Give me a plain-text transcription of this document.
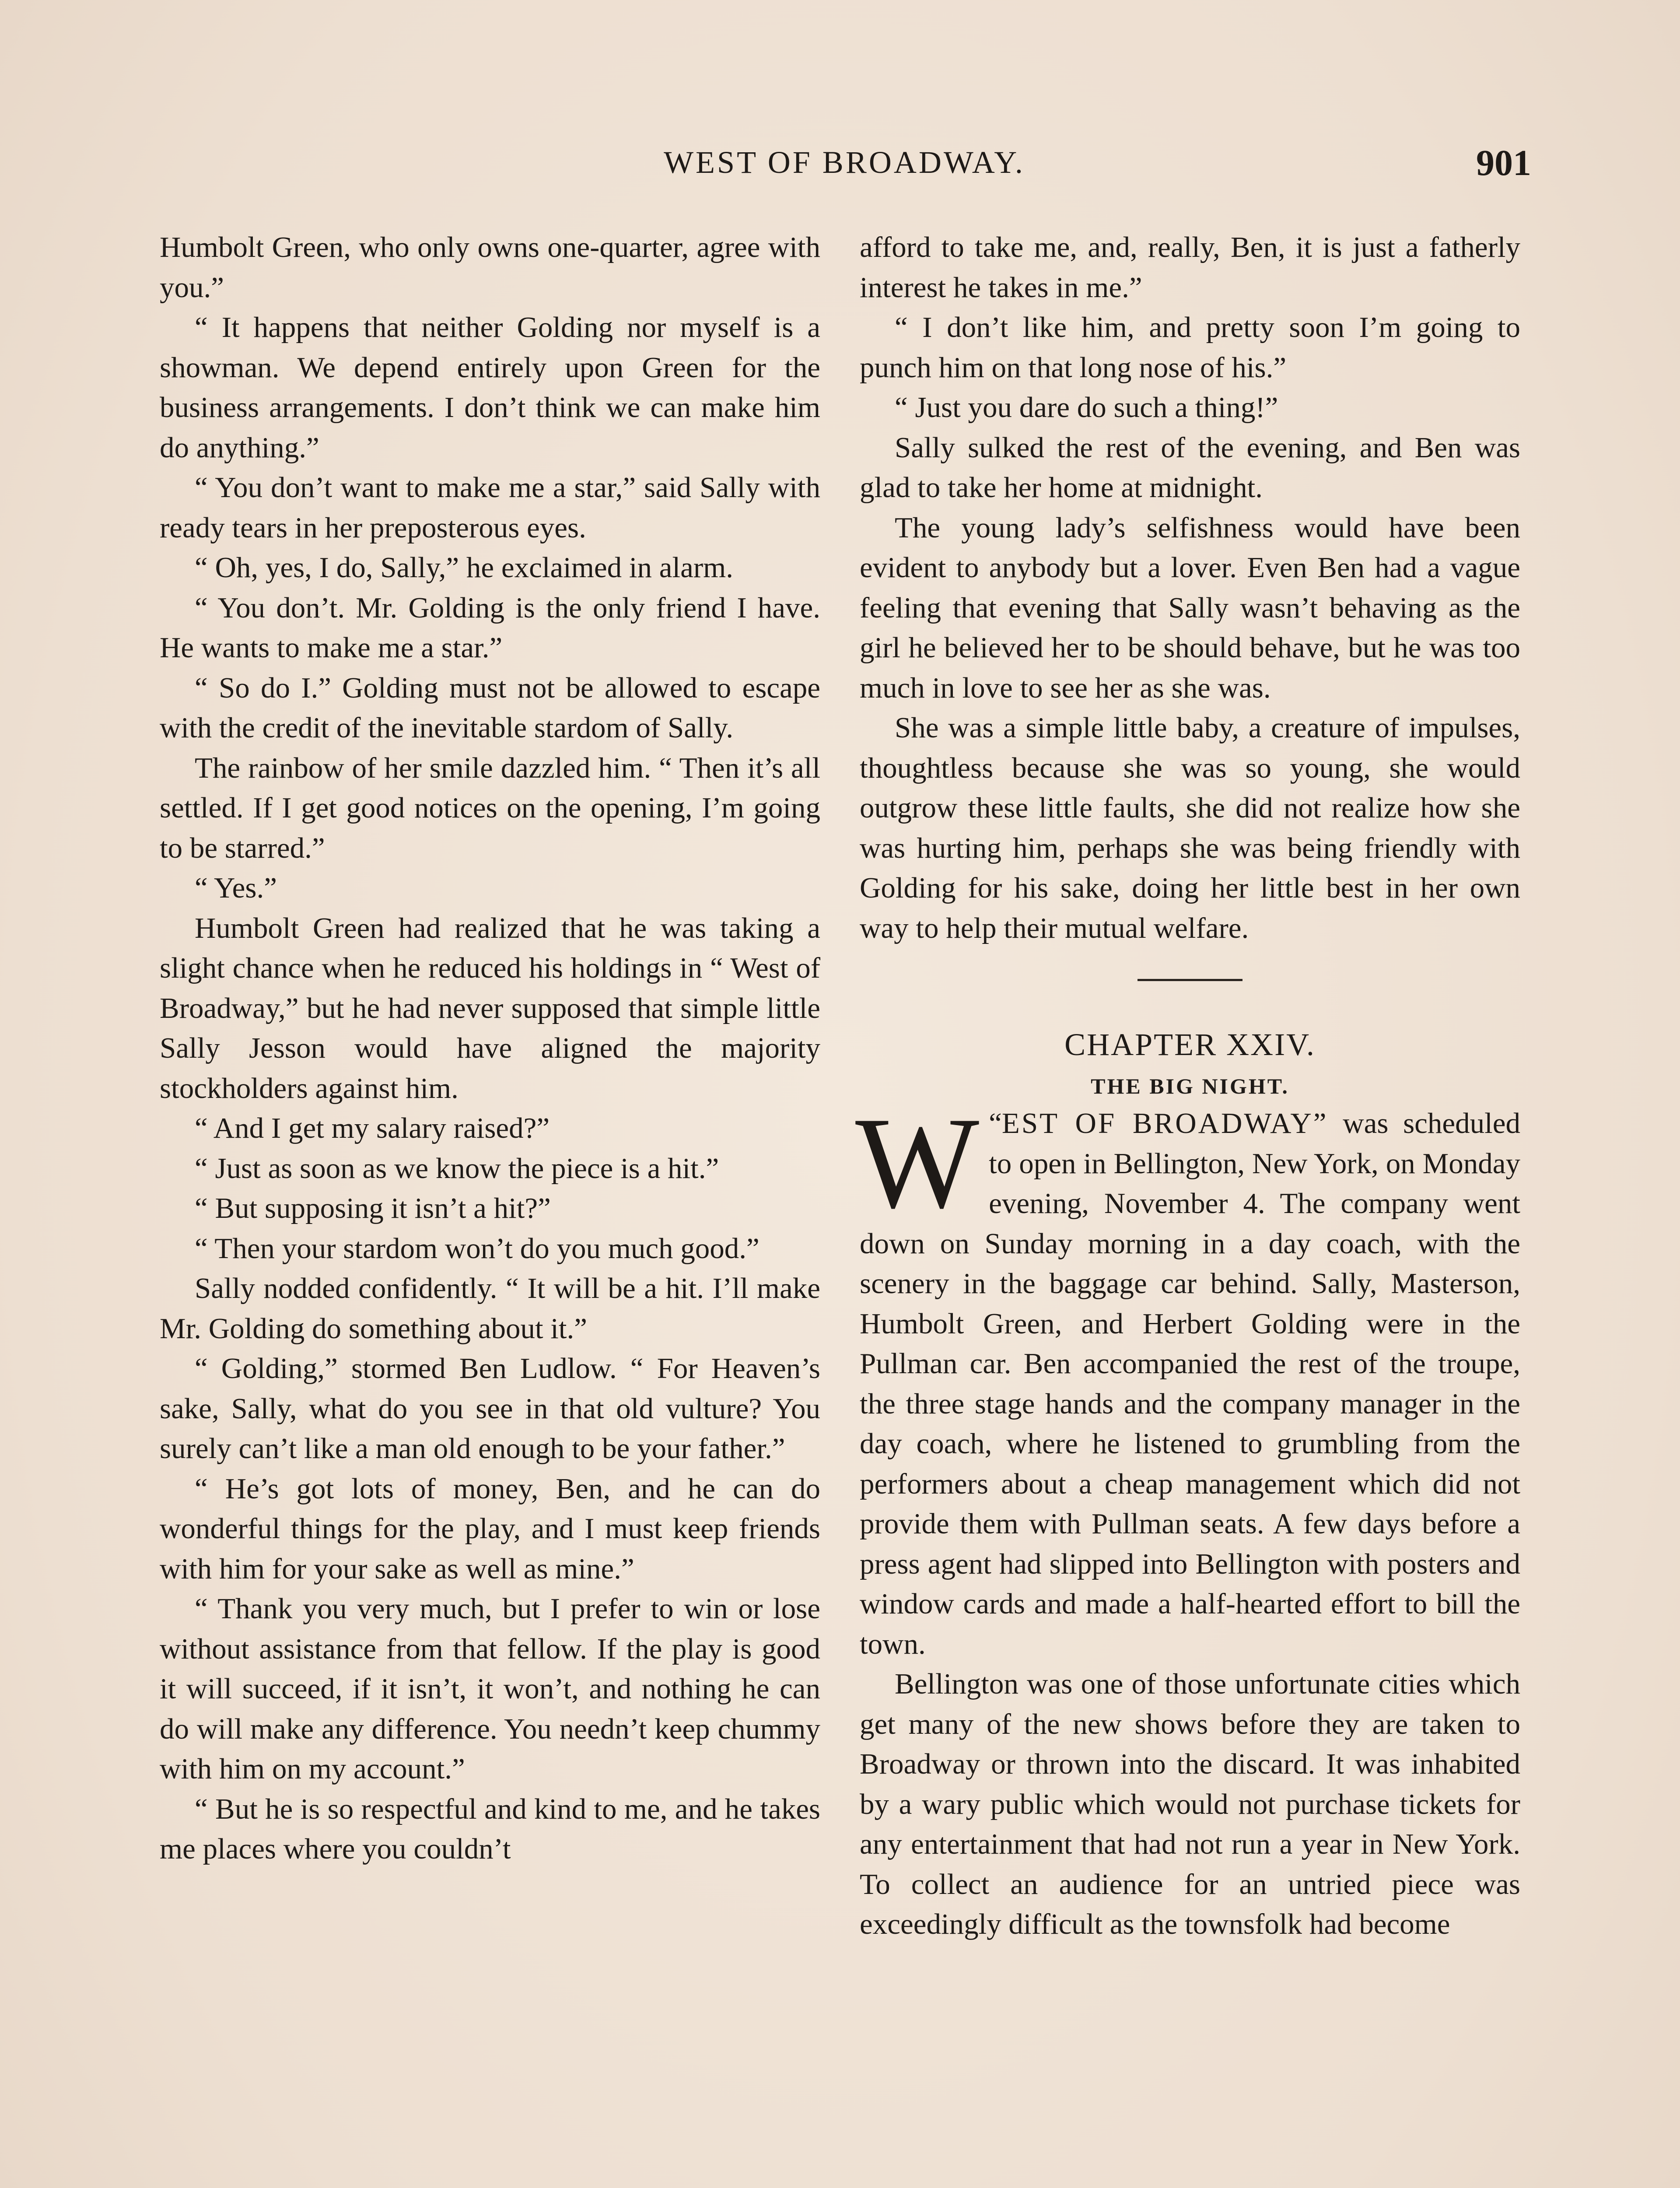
WEST OF BROADWAY.	901

Humbolt Green, who only owns one-quarter, agree with you.”

“ It happens that neither Golding nor myself is a showman. We depend entirely upon Green for the business arrangements. I don’t think we can make him do anything.”

“ You don’t want to make me a star,” said Sally with ready tears in her preposterous eyes.

“ Oh, yes, I do, Sally,” he exclaimed in alarm.

“ You don’t. Mr. Golding is the only friend I have. He wants to make me a star.”

“ So do I.” Golding must not be allowed to escape with the credit of the inevitable stardom of Sally.

The rainbow of her smile dazzled him. “ Then it’s all settled. If I get good notices on the opening, I’m going to be starred.”

“ Yes.”

Humbolt Green had realized that he was taking a slight chance when he reduced his holdings in “ West of Broadway,” but he had never supposed that simple little Sally Jesson would have aligned the majority stockholders against him.

“ And I get my salary raised?”

“ Just as soon as we know the piece is a hit.”

“ But supposing it isn’t a hit?”

“ Then your stardom won’t do you much good.”

Sally nodded confidently. “ It will be a hit. I’ll make Mr. Golding do something about it.”

“ Golding,” stormed Ben Ludlow. “ For Heaven’s sake, Sally, what do you see in that old vulture? You surely can’t like a man old enough to be your father.”

“ He’s got lots of money, Ben, and he can do wonderful things for the play, and I must keep friends with him for your sake as well as mine.”

“ Thank you very much, but I prefer to win or lose without assistance from that fellow. If the play is good it will succeed, if it isn’t, it won’t, and nothing he can do will make any difference. You needn’t keep chummy with him on my account.”

“ But he is so respectful and kind to me, and he takes me places where you couldn’t

afford to take me, and, really, Ben, it is just a fatherly interest he takes in me.”

“ I don’t like him, and pretty soon I’m going to punch him on that long nose of his.”

“ Just you dare do such a thing!”

Sally sulked the rest of the evening, and Ben was glad to take her home at midnight.

The young lady’s selfishness would have been evident to anybody but a lover. Even Ben had a vague feeling that evening that Sally wasn’t behaving as the girl he believed her to be should behave, but he was too much in love to see her as she was.

She was a simple little baby, a creature of impulses, thoughtless because she was so young, she would outgrow these little faults, she did not realize how she was hurting him, perhaps she was being friendly with Golding for his sake, doing her little best in her own way to help their mutual welfare.

CHAPTER XXIV.

THE BIG NIGHT.

“
W EST OF BROADWAY” was scheduled to open in Bellington, New York, on Monday evening, November 4. The company went down on Sunday morning in a day coach, with the scenery in the baggage car behind. Sally, Masterson, Humbolt Green, and Herbert Golding were in the Pullman car. Ben accompanied the rest of the troupe, the three stage hands and the company manager in the day coach, where he listened to grumbling from the performers about a cheap management which did not provide them with Pullman seats. A few days before a press agent had slipped into Bellington with posters and window cards and made a half-hearted effort to bill the town.

Bellington was one of those unfortunate cities which get many of the new shows before they are taken to Broadway or thrown into the discard. It was inhabited by a wary public which would not purchase tickets for any entertainment that had not run a year in New York. To collect an audience for an untried piece was exceedingly difficult as the townsfolk had become
